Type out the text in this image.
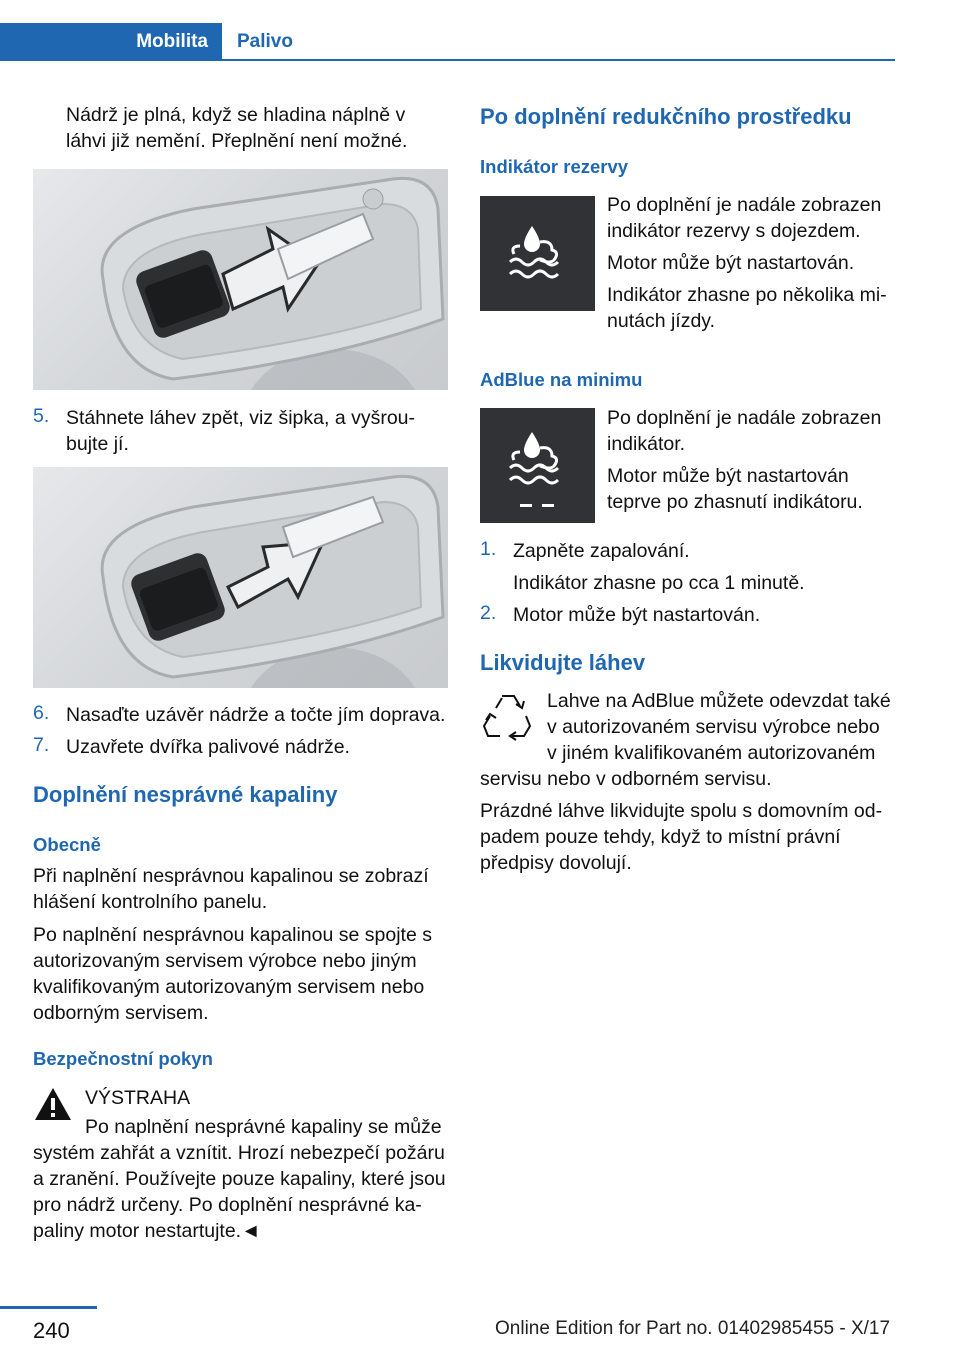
Mobilita	Palivo

Nádrž je plná, když se hladina náplně v

láhvi již nemění. Přeplnění není možné.

5. Stáhnete láhev zpět, viz šipka, a vyšrou‐

bujte jí.

6. Nasaďte uzávěr nádrže a točte jím doprava.

7. Uzavřete dvířka palivové nádrže.

Doplnění nesprávné kapaliny
Obecně

Při naplnění nesprávnou kapalinou se zobrazí

hlášení kontrolního panelu.

Po naplnění nesprávnou kapalinou se spojte s

autorizovaným servisem výrobce nebo jiným

kvalifikovaným autorizovaným servisem nebo

odborným servisem.

Bezpečnostní pokyn

VÝSTRAHA

Po naplnění nesprávné kapaliny se může

systém zahřát a vznítit. Hrozí nebezpečí požáru

a zranění. Používejte pouze kapaliny, které jsou

pro nádrž určeny. Po doplnění nesprávné ka‐

paliny motor nestartujte.◄

Po doplnění redukčního prostředku
Indikátor rezervy

Po doplnění je nadále zobrazen

indikátor rezervy s dojezdem.

Motor může být nastartován.

Indikátor zhasne po několika mi‐

nutách jízdy.

AdBlue na minimu

Po doplnění je nadále zobrazen

indikátor.

Motor může být nastartován

teprve po zhasnutí indikátoru.

1. Zapněte zapalování.

Indikátor zhasne po cca 1 minutě.

2. Motor může být nastartován.

Likvidujte láhev

Lahve na AdBlue můžete odevzdat také

v autorizovaném servisu výrobce nebo

v jiném kvalifikovaném autorizovaném

servisu nebo v odborném servisu.

Prázdné láhve likvidujte spolu s domovním od‐

padem pouze tehdy, když to místní právní

předpisy dovolují.

240	Online Edition for Part no. 01402985455 - X/17
